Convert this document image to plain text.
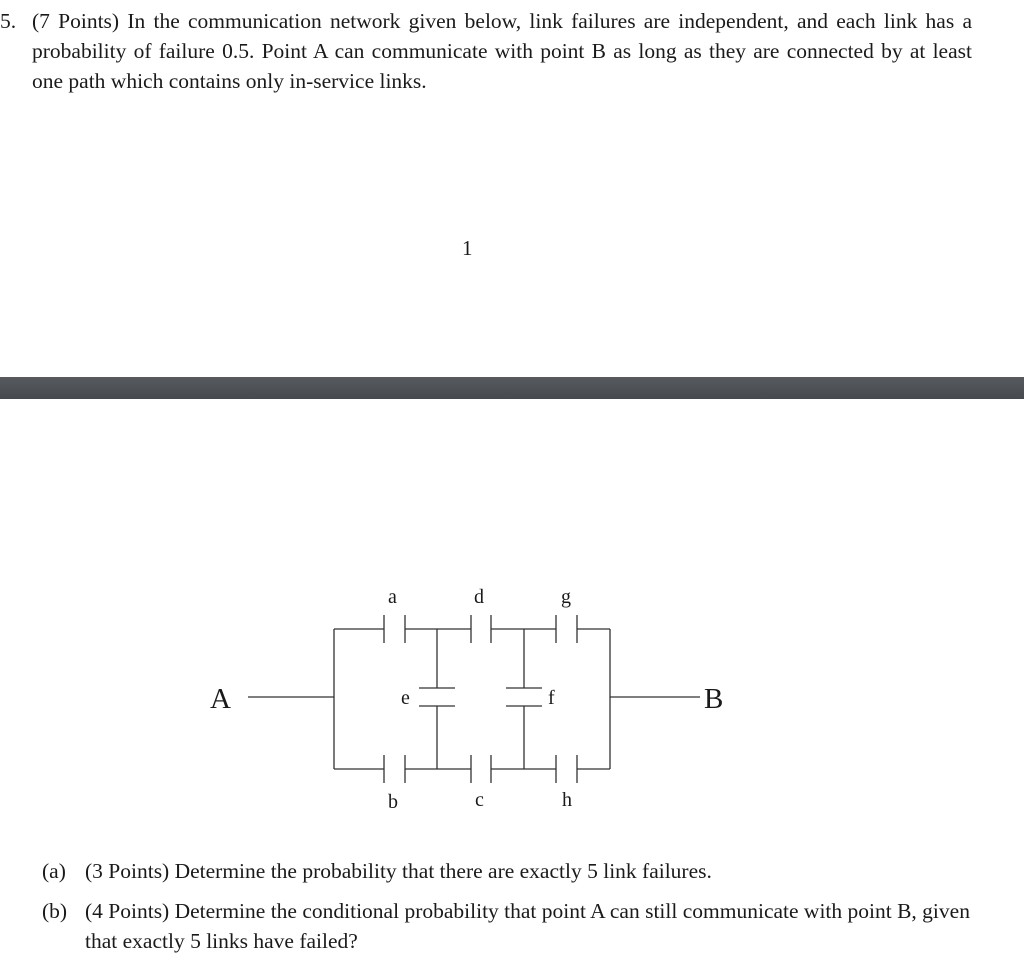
5. (7 Points) In the communication network given below, link failures are independent, and each link has a probability of failure 0.5. Point A can communicate with point B as long as they are connected by at least one path which contains only in-service links.
1
A	B
a	d	g
b	c	h
e	f
(a) (3 Points) Determine the probability that there are exactly 5 link failures.
(b) (4 Points) Determine the conditional probability that point A can still communicate with point B, given that exactly 5 links have failed?
